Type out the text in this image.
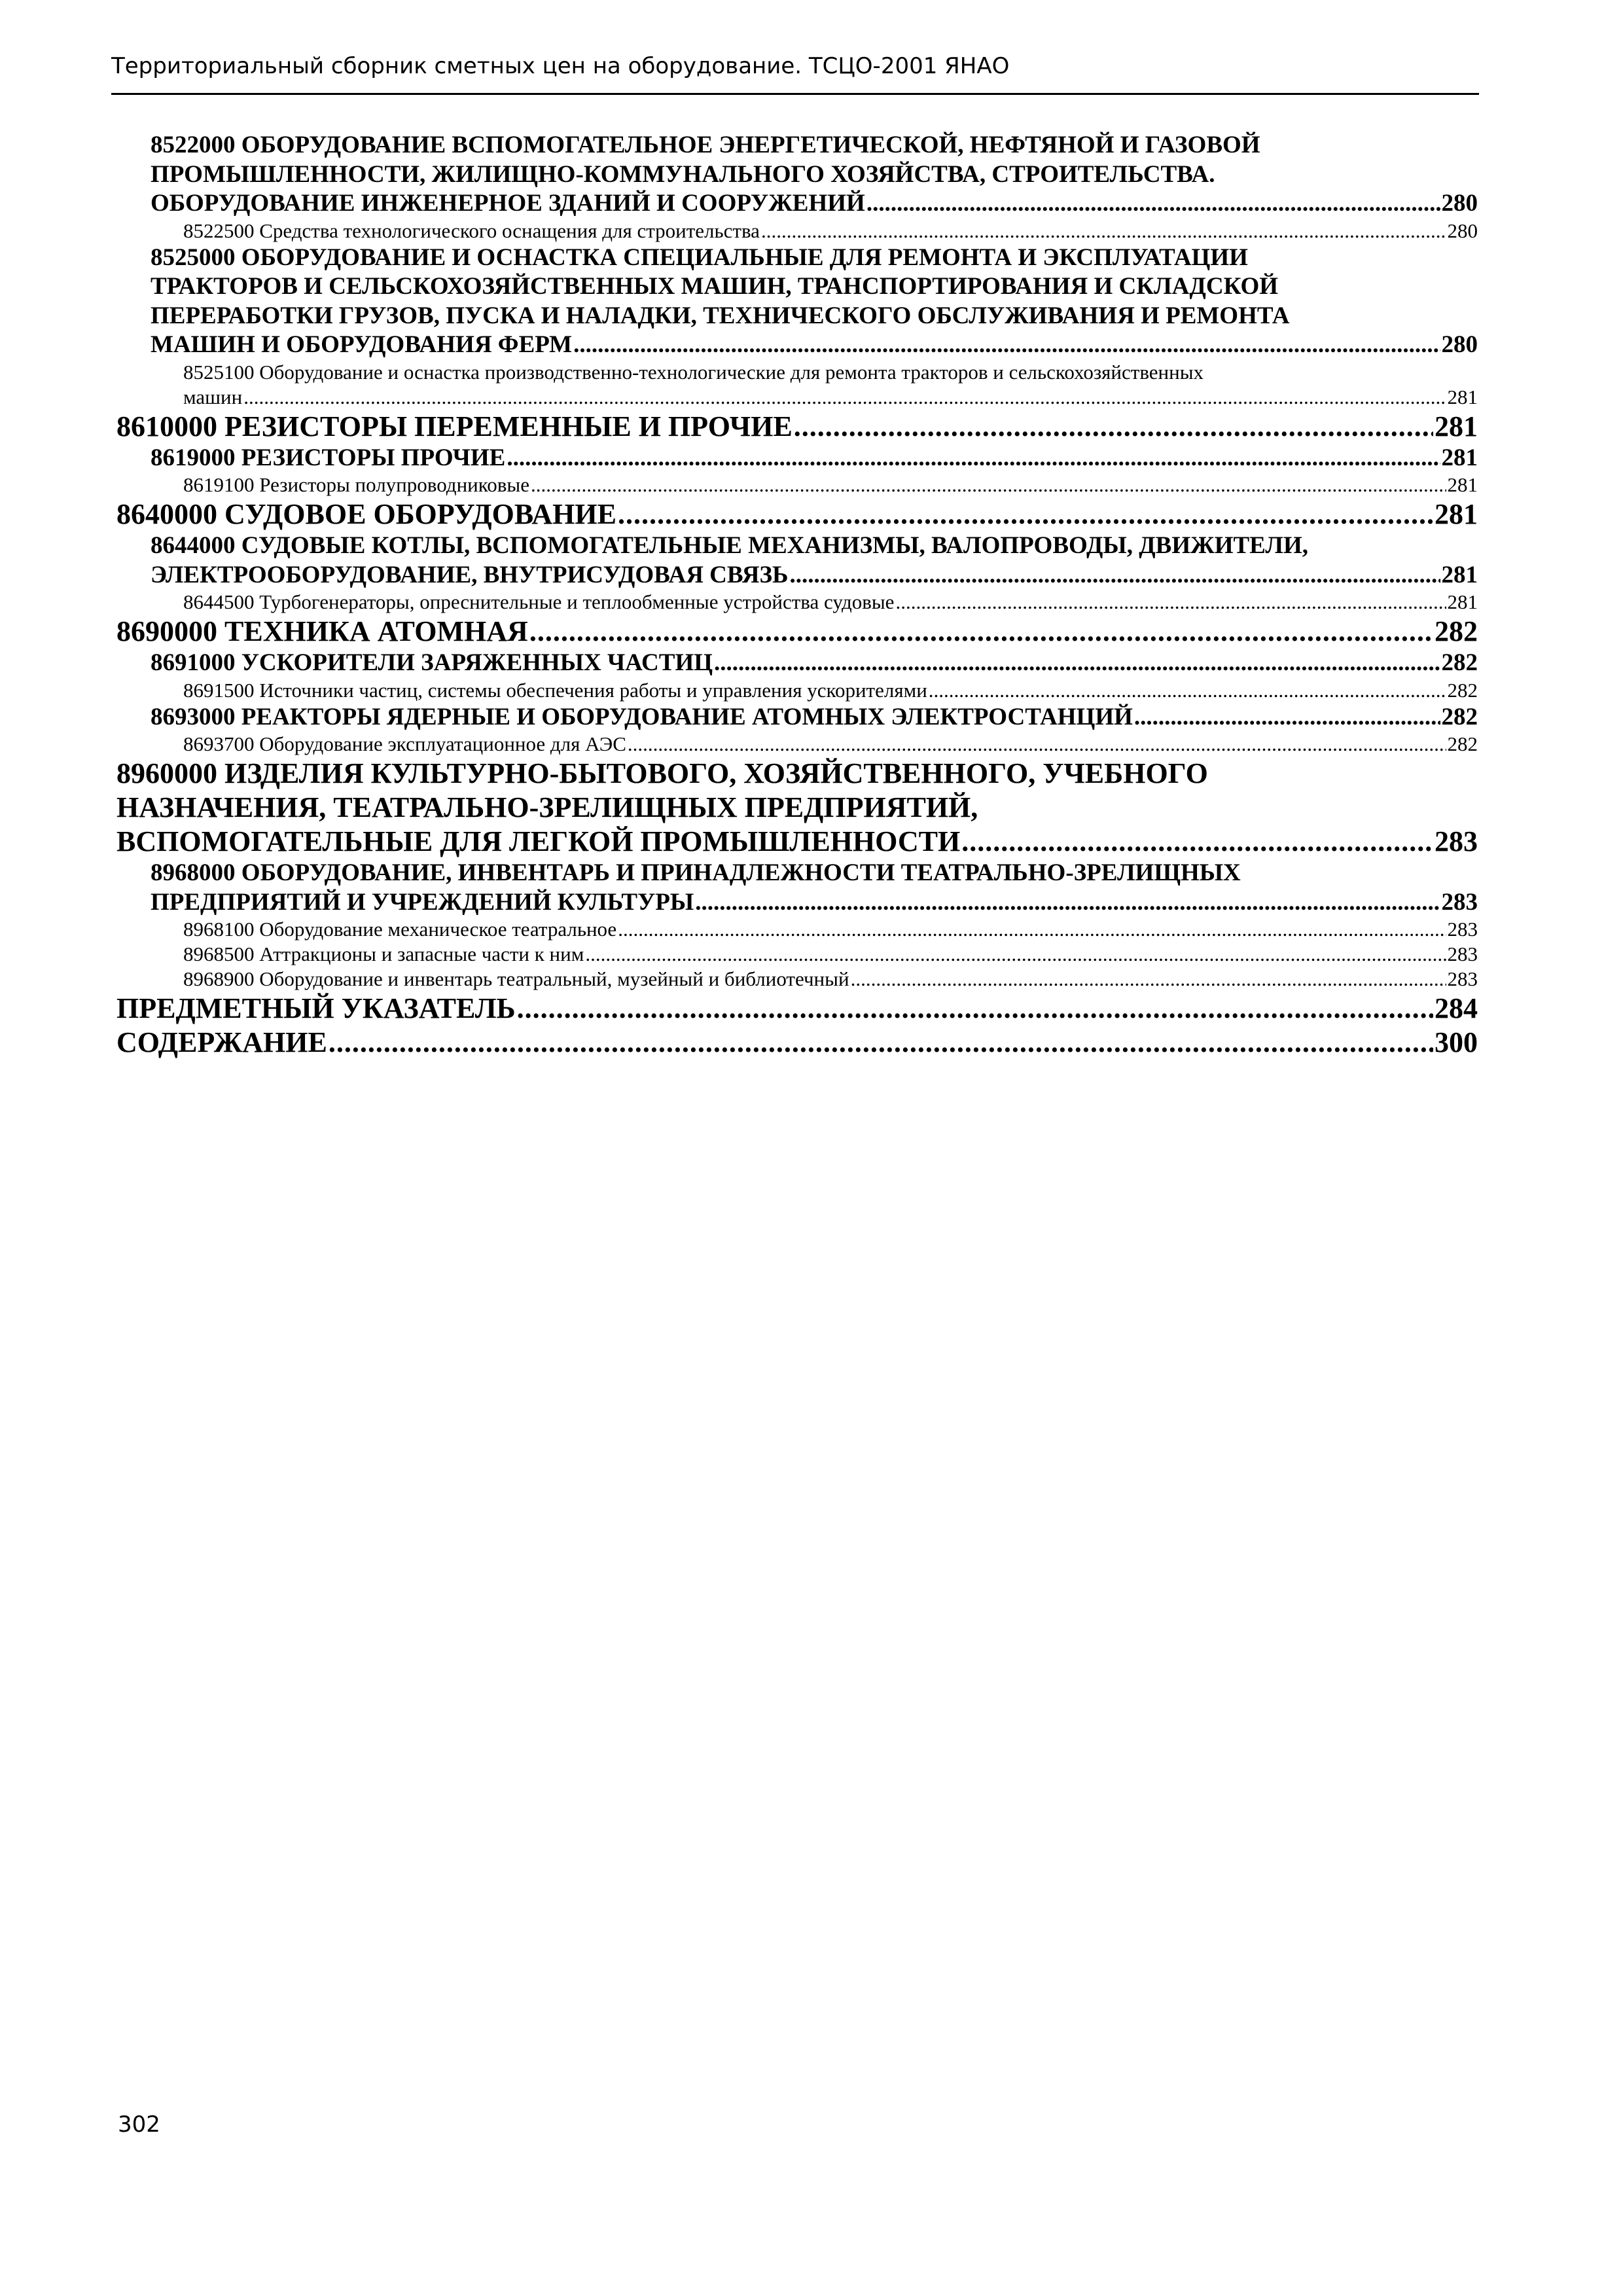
Территориальный сборник сметных цен на оборудование. ТСЦО-2001 ЯНАО
8522000 ОБОРУДОВАНИЕ ВСПОМОГАТЕЛЬНОЕ ЭНЕРГЕТИЧЕСКОЙ, НЕФТЯНОЙ И ГАЗОВОЙ
ПРОМЫШЛЕННОСТИ, ЖИЛИЩНО-КОММУНАЛЬНОГО ХОЗЯЙСТВА, СТРОИТЕЛЬСТВА.
ОБОРУДОВАНИЕ ИНЖЕНЕРНОЕ ЗДАНИЙ И СООРУЖЕНИЙ .....	280
8522500 Средства технологического оснащения для строительства .....	280
8525000 ОБОРУДОВАНИЕ И ОСНАСТКА СПЕЦИАЛЬНЫЕ ДЛЯ РЕМОНТА И ЭКСПЛУАТАЦИИ
ТРАКТОРОВ И СЕЛЬСКОХОЗЯЙСТВЕННЫХ МАШИН, ТРАНСПОРТИРОВАНИЯ И СКЛАДСКОЙ
ПЕРЕРАБОТКИ ГРУЗОВ, ПУСКА И НАЛАДКИ, ТЕХНИЧЕСКОГО ОБСЛУЖИВАНИЯ И РЕМОНТА
МАШИН И ОБОРУДОВАНИЯ ФЕРМ .....	280
8525100 Оборудование и оснастка производственно-технологические для ремонта тракторов и сельскохозяйственных
машин .....	281
8610000 РЕЗИСТОРЫ ПЕРЕМЕННЫЕ И ПРОЧИЕ .....	281
8619000 РЕЗИСТОРЫ ПРОЧИЕ .....	281
8619100 Резисторы полупроводниковые .....	281
8640000 СУДОВОЕ ОБОРУДОВАНИЕ .....	281
8644000 СУДОВЫЕ КОТЛЫ, ВСПОМОГАТЕЛЬНЫЕ МЕХАНИЗМЫ, ВАЛОПРОВОДЫ, ДВИЖИТЕЛИ,
ЭЛЕКТРООБОРУДОВАНИЕ, ВНУТРИСУДОВАЯ СВЯЗЬ .....	281
8644500 Турбогенераторы, опреснительные и теплообменные устройства судовые .....	281
8690000 ТЕХНИКА АТОМНАЯ .....	282
8691000 УСКОРИТЕЛИ ЗАРЯЖЕННЫХ ЧАСТИЦ .....	282
8691500 Источники частиц, системы обеспечения работы и управления ускорителями .....	282
8693000 РЕАКТОРЫ ЯДЕРНЫЕ И ОБОРУДОВАНИЕ АТОМНЫХ ЭЛЕКТРОСТАНЦИЙ .....	282
8693700 Оборудование эксплуатационное для АЭС .....	282
8960000 ИЗДЕЛИЯ КУЛЬТУРНО-БЫТОВОГО, ХОЗЯЙСТВЕННОГО, УЧЕБНОГО
НАЗНАЧЕНИЯ, ТЕАТРАЛЬНО-ЗРЕЛИЩНЫХ ПРЕДПРИЯТИЙ,
ВСПОМОГАТЕЛЬНЫЕ ДЛЯ ЛЕГКОЙ ПРОМЫШЛЕННОСТИ .....	283
8968000 ОБОРУДОВАНИЕ, ИНВЕНТАРЬ И ПРИНАДЛЕЖНОСТИ ТЕАТРАЛЬНО-ЗРЕЛИЩНЫХ
ПРЕДПРИЯТИЙ И УЧРЕЖДЕНИЙ КУЛЬТУРЫ .....	283
8968100 Оборудование механическое театральное .....	283
8968500 Аттракционы и запасные части к ним .....	283
8968900 Оборудование и инвентарь театральный, музейный и библиотечный .....	283
ПРЕДМЕТНЫЙ УКАЗАТЕЛЬ .....	284
СОДЕРЖАНИЕ .....	300
302
